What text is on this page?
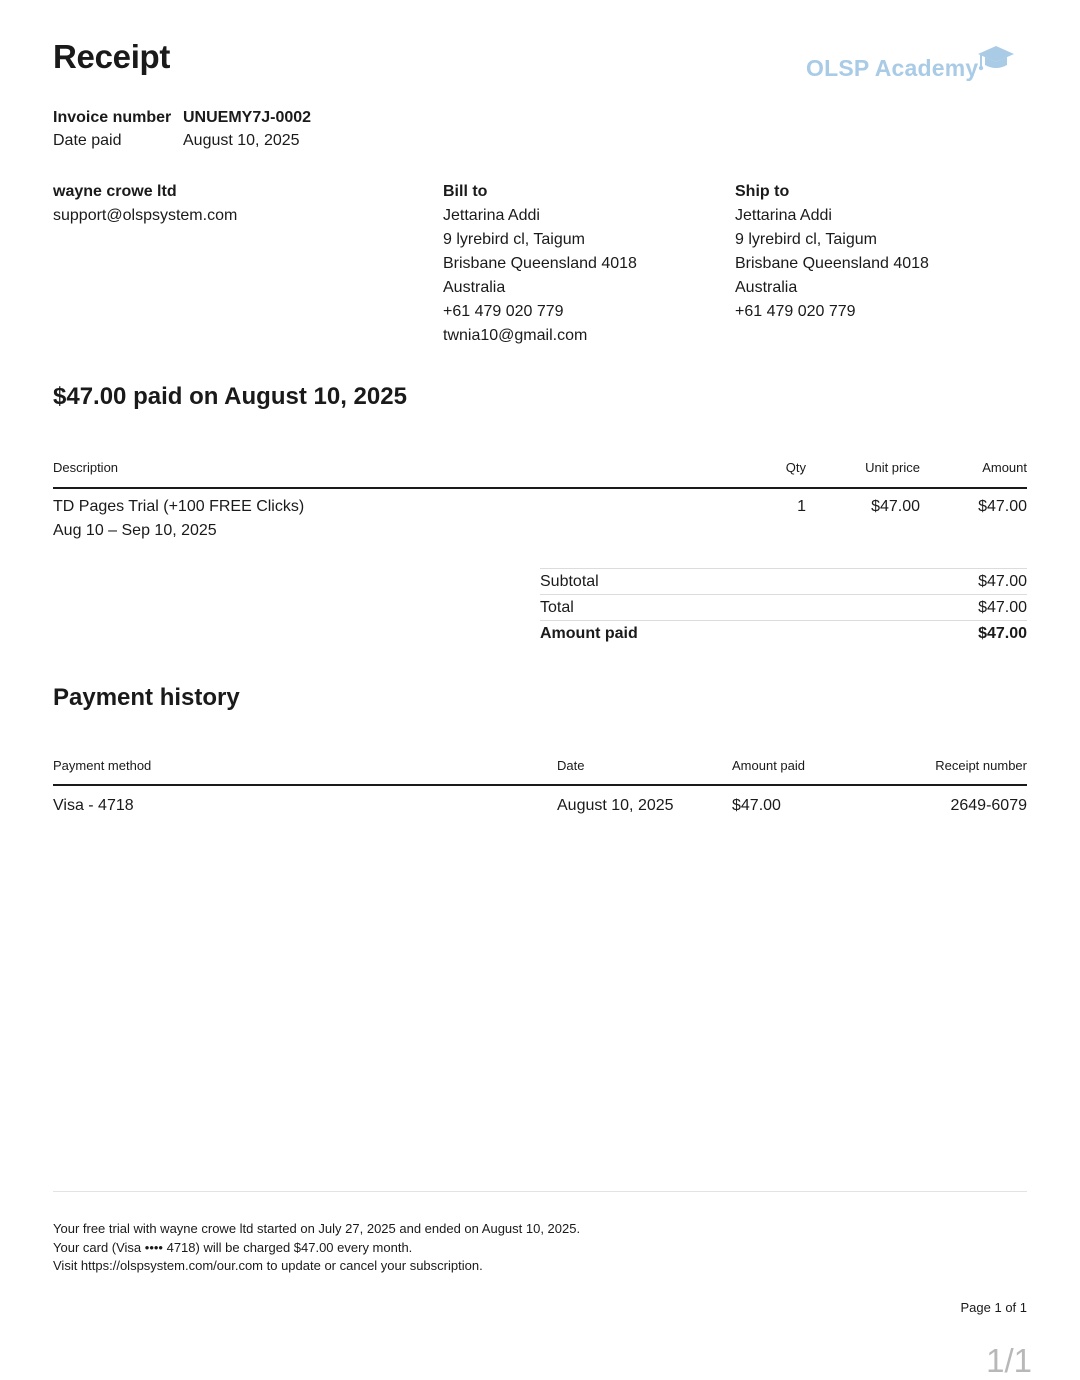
Receipt	OLSP Academy
Invoice number UNUEMY7J-0002
Date paid	August 10, 2025
wayne crowe ltd
support@olspsystem.com
Bill to
Jettarina Addi
9 lyrebird cl, Taigum
Brisbane Queensland 4018
Australia
+61 479 020 779
twnia10@gmail.com
Ship to
Jettarina Addi
9 lyrebird cl, Taigum
Brisbane Queensland 4018
Australia
+61 479 020 779
$47.00 paid on August 10, 2025
Description	Qty	Unit price	Amount
TD Pages Trial (+100 FREE Clicks)
Aug 10 – Sep 10, 2025
1	$47.00	$47.00
Subtotal	$47.00
Total	$47.00
Amount paid	$47.00
Payment history
Payment method	Date	Amount paid	Receipt number
Visa - 4718	August 10, 2025	$47.00	2649-6079
Your free trial with wayne crowe ltd started on July 27, 2025 and ended on August 10, 2025.
Your card (Visa •••• 4718) will be charged $47.00 every month.
Visit https://olspsystem.com/our.com to update or cancel your subscription.
Page 1 of 1
1/1
